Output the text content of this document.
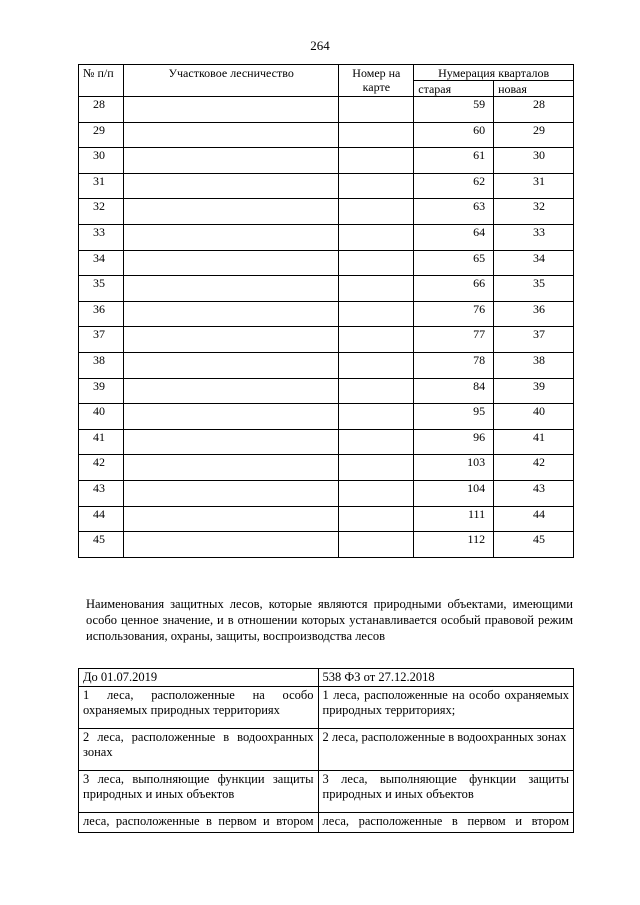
264
№ п/п	Участковое лесничество	Номер на карте	Нумерация кварталов	
			старая	новая
28			59	28
29			60	29
30			61	30
31			62	31
32			63	32
33			64	33
34			65	34
35			66	35
36			76	36
37			77	37
38			78	38
39			84	39
40			95	40
41			96	41
42			103	42
43			104	43
44			111	44
45			112	45
Наименования защитных лесов, которые являются природными объектами, имеющими особо ценное значение, и в отношении которых устанавливается особый правовой режим использования, охраны, защиты, воспроизводства лесов
До 01.07.2019	538 ФЗ от 27.12.2018
1 леса, расположенные на особо охраняемых природных территориях	1 леса, расположенные на особо охраняемых природных территориях;
2 леса, расположенные в водоохранных зонах	2 леса, расположенные в водоохранных зонах
3 леса, выполняющие функции защиты природных и иных объектов	3 леса, выполняющие функции защиты природных и иных объектов
леса, расположенные в первом и втором	леса, расположенные в первом и втором
